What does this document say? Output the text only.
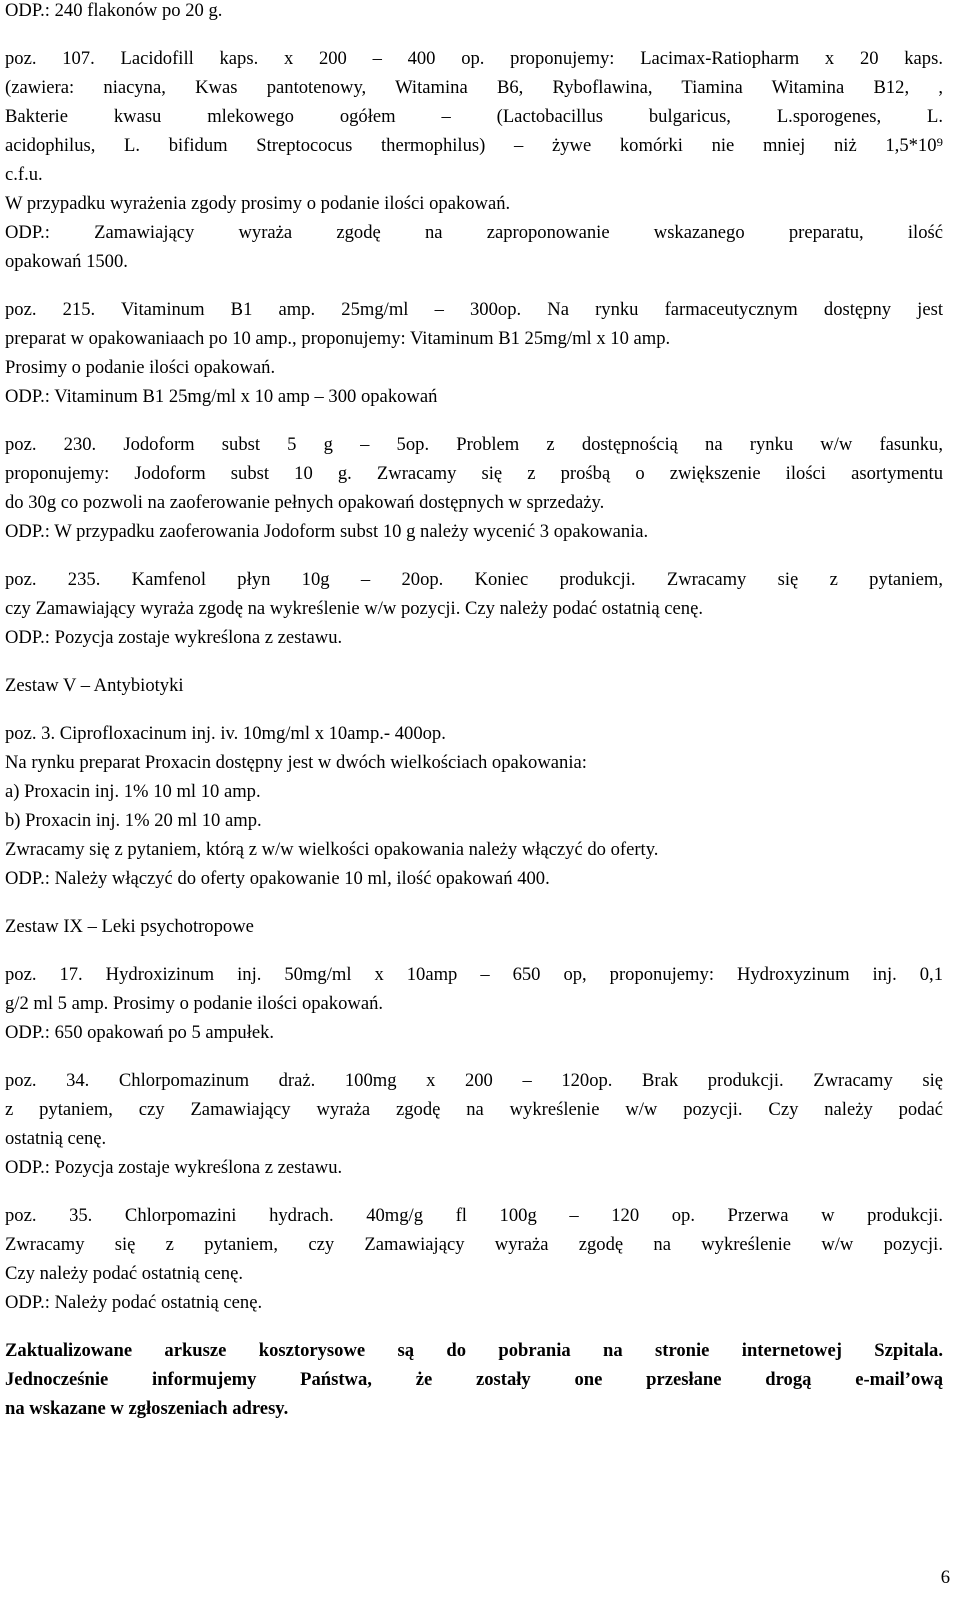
ODP.: 240 flakonów po 20 g.
poz. 107. Lacidofill kaps. x 200 – 400 op. proponujemy: Lacimax-Ratiopharm x 20 kaps.
(zawiera: niacyna, Kwas pantotenowy, Witamina B6, Ryboflawina, Tiamina Witamina B12, ,
Bakterie kwasu mlekowego ogółem – (Lactobacillus bulgaricus, L.sporogenes, L.
acidophilus, L. bifidum Streptococus thermophilus) – żywe komórki nie mniej niż 1,5*10⁹
c.f.u.
W przypadku wyrażenia zgody prosimy o podanie ilości opakowań.
ODP.: Zamawiający wyraża zgodę na zaproponowanie wskazanego preparatu, ilość
opakowań 1500.
poz. 215. Vitaminum B1 amp. 25mg/ml – 300op. Na rynku farmaceutycznym dostępny jest
preparat w opakowaniaach po 10 amp., proponujemy: Vitaminum B1 25mg/ml x 10 amp.
Prosimy o podanie ilości opakowań.
ODP.: Vitaminum B1 25mg/ml x 10 amp – 300 opakowań
poz. 230. Jodoform subst 5 g – 5op. Problem z dostępnością na rynku w/w fasunku,
proponujemy: Jodoform subst 10 g. Zwracamy się z prośbą o zwiększenie ilości asortymentu
do 30g co pozwoli na zaoferowanie pełnych opakowań dostępnych w sprzedaży.
ODP.: W przypadku zaoferowania Jodoform subst 10 g należy wycenić 3 opakowania.
poz. 235. Kamfenol płyn 10g – 20op. Koniec produkcji. Zwracamy się z pytaniem,
czy Zamawiający wyraża zgodę na wykreślenie w/w pozycji. Czy należy podać ostatnią cenę.
ODP.: Pozycja zostaje wykreślona z zestawu.
Zestaw V – Antybiotyki
poz. 3. Ciprofloxacinum inj. iv. 10mg/ml x 10amp.- 400op.
Na rynku preparat Proxacin dostępny jest w dwóch wielkościach opakowania:
a) Proxacin inj. 1% 10 ml 10 amp.
b) Proxacin inj. 1% 20 ml 10 amp.
Zwracamy się z pytaniem, którą z w/w wielkości opakowania należy włączyć do oferty.
ODP.: Należy włączyć do oferty opakowanie 10 ml, ilość opakowań 400.
Zestaw IX – Leki psychotropowe
poz. 17. Hydroxizinum inj. 50mg/ml x 10amp – 650 op, proponujemy: Hydroxyzinum inj. 0,1
g/2 ml 5 amp. Prosimy o podanie ilości opakowań.
ODP.: 650 opakowań po 5 ampułek.
poz. 34. Chlorpomazinum draż. 100mg x 200 – 120op. Brak produkcji. Zwracamy się
z pytaniem, czy Zamawiający wyraża zgodę na wykreślenie w/w pozycji. Czy należy podać
ostatnią cenę.
ODP.: Pozycja zostaje wykreślona z zestawu.
poz. 35. Chlorpomazini hydrach. 40mg/g fl 100g – 120 op. Przerwa w produkcji.
Zwracamy się z pytaniem, czy Zamawiający wyraża zgodę na wykreślenie w/w pozycji.
Czy należy podać ostatnią cenę.
ODP.: Należy podać ostatnią cenę.
Zaktualizowane arkusze kosztorysowe są do pobrania na stronie internetowej Szpitala.
Jednocześnie informujemy Państwa, że zostały one przesłane drogą e-mail’ową
na wskazane w zgłoszeniach adresy.
6
